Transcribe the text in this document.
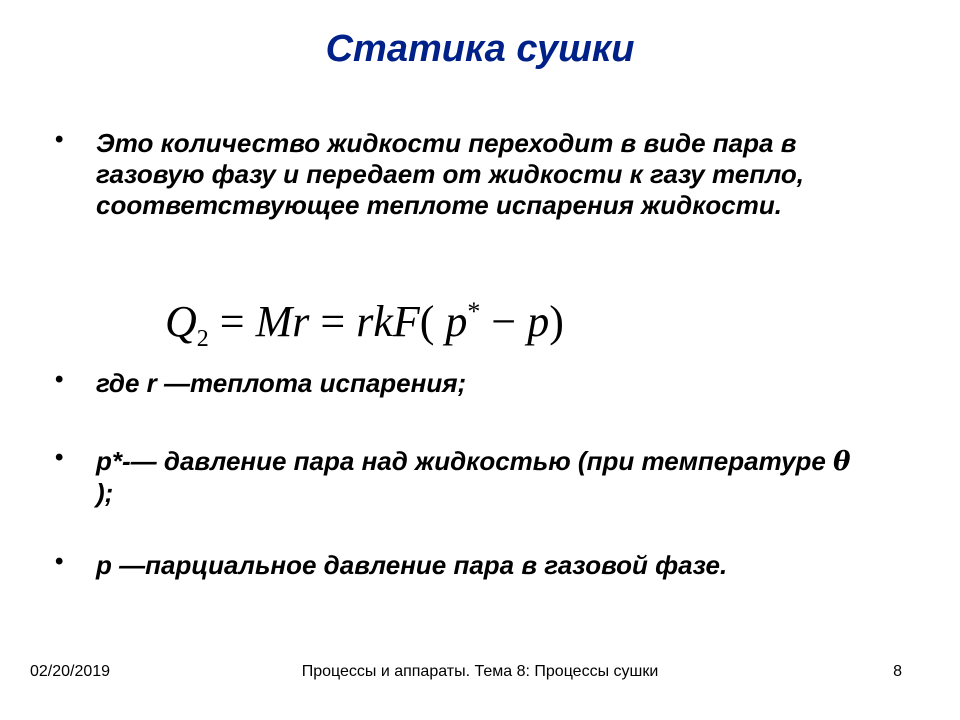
Статика сушки
• Это количество жидкости переходит в виде пара в газовую фазу и передает от жидкости к газу тепло, соответствующее теплоте испарения жидкости.
$Q_2 = Mr = rkF$( p* − p)
• где r —теплота испарения;
• p*-— давление пара над жидкостью (при температуре θ );
• p —парциальное давление пара в газовой фазе.
02/20/2019	Процессы и аппараты. Тема 8: Процессы сушки	8
